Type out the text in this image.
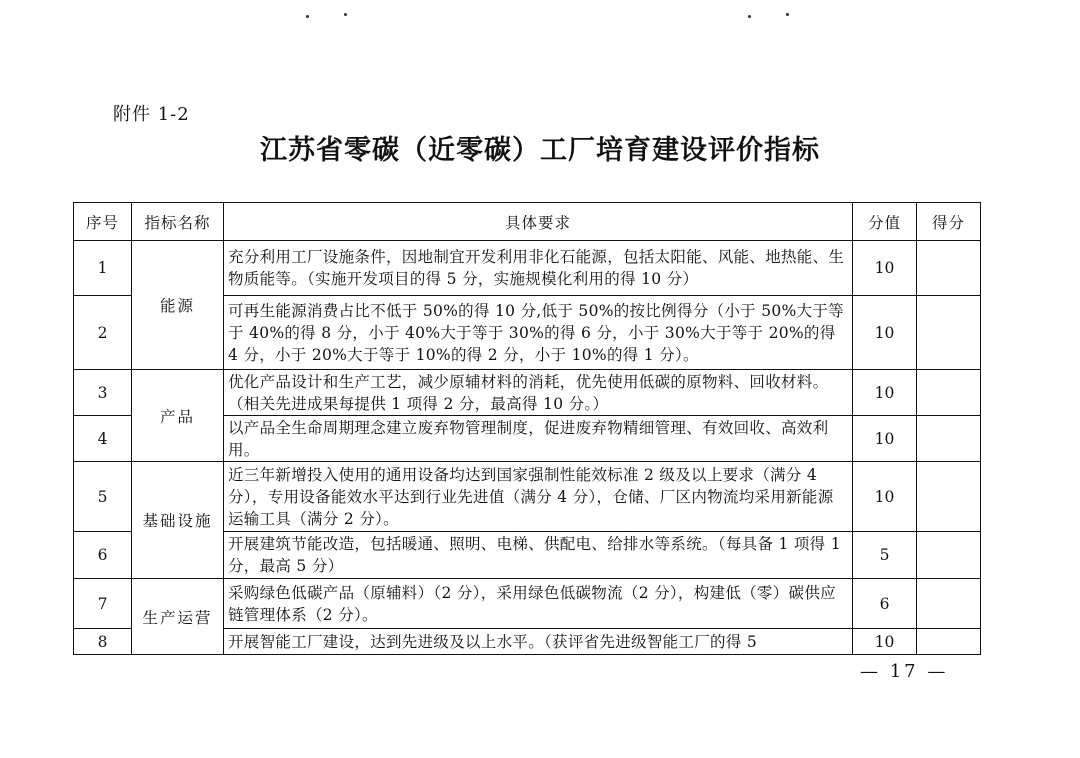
附件 1-2
江苏省零碳（近零碳）工厂培育建设评价指标
序号	指标名称	具体要求	分值	得分
1	能源	充分利用工厂设施条件，因地制宜开发利用非化石能源，包括太阳能、风能、地热能、生物质能等。（实施开发项目的得 5 分，实施规模化利用的得 10 分）	10	
2		可再生能源消费占比不低于 50%的得 10 分,低于 50%的按比例得分（小于 50%大于等于 40%的得 8 分，小于 40%大于等于 30%的得 6 分，小于 30%大于等于 20%的得 4 分，小于 20%大于等于 10%的得 2 分，小于 10%的得 1 分）。	10	
3	产品	优化产品设计和生产工艺，减少原辅材料的消耗，优先使用低碳的原物料、回收材料。（相关先进成果每提供 1 项得 2 分，最高得 10 分。）	10	
4		以产品全生命周期理念建立废弃物管理制度，促进废弃物精细管理、有效回收、高效利用。	10	
5	基础设施	近三年新增投入使用的通用设备均达到国家强制性能效标准 2 级及以上要求（满分 4 分），专用设备能效水平达到行业先进值（满分 4 分），仓储、厂区内物流均采用新能源运输工具（满分 2 分）。	10	
6		开展建筑节能改造，包括暖通、照明、电梯、供配电、给排水等系统。（每具备 1 项得 1 分，最高 5 分）	5	
7	生产运营	采购绿色低碳产品（原辅料）（2 分），采用绿色低碳物流（2 分），构建低（零）碳供应链管理体系（2 分）。	6	
8		开展智能工厂建设，达到先进级及以上水平。（获评省先进级智能工厂的得 5	10	
— 17 —
